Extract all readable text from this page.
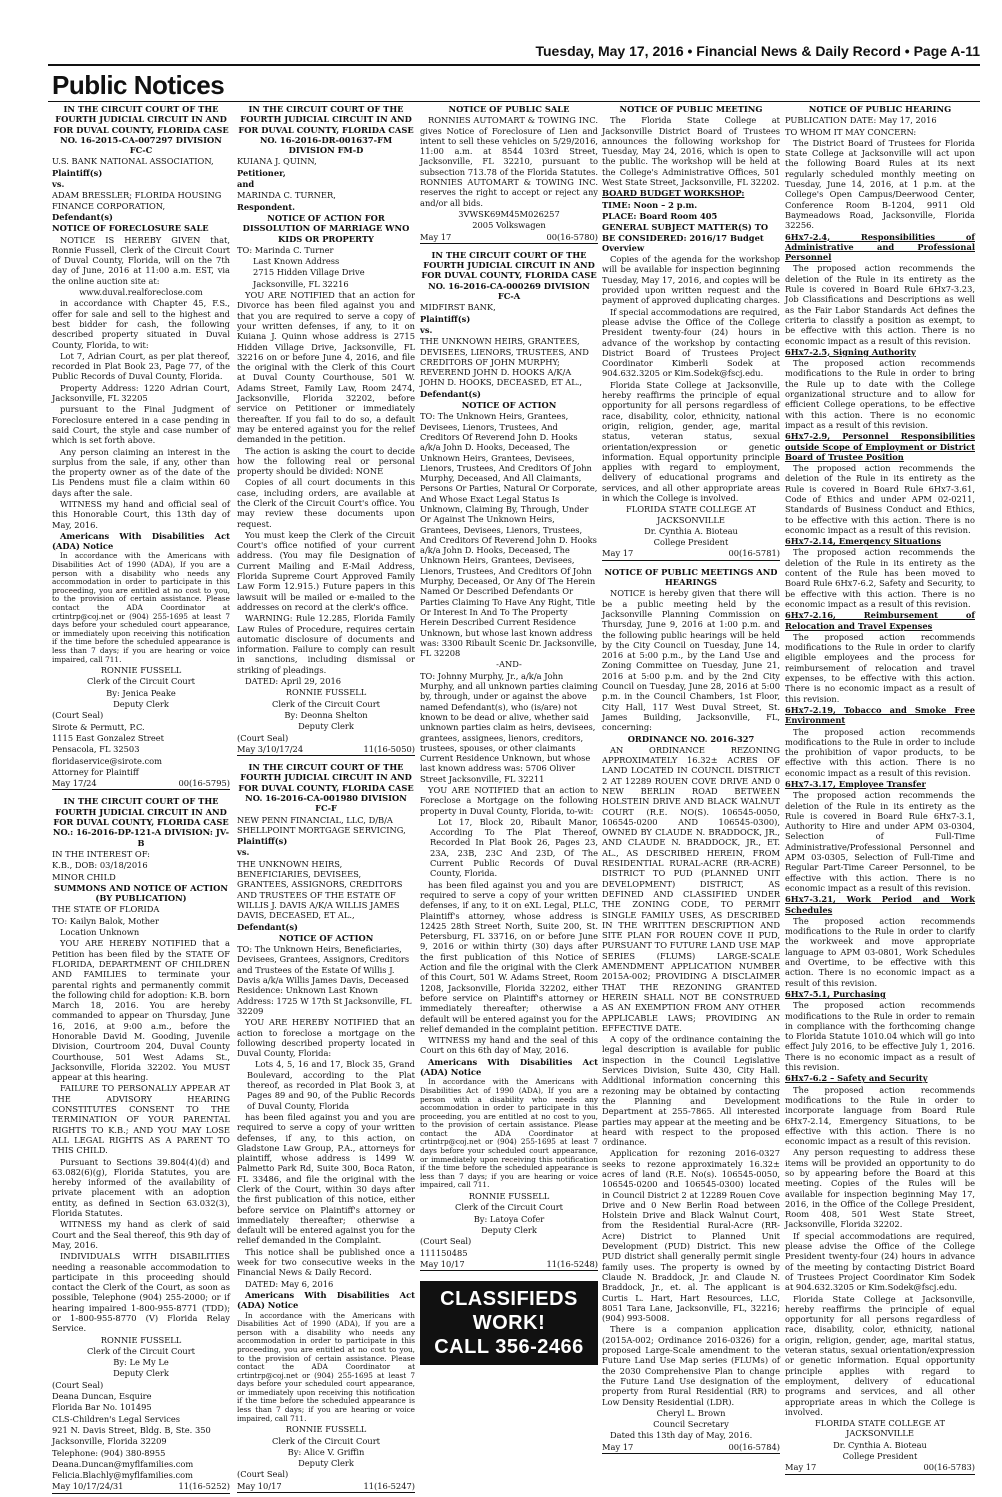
Tuesday, May 17, 2016 • Financial News & Daily Record • Page A-11
Public Notices

IN THE CIRCUIT COURT OF THE FOURTH JUDICIAL CIRCUIT IN AND FOR DUVAL COUNTY, FLORIDA CASE NO. 16-2015-CA-007297 DIVISION FC-C

U.S. BANK NATIONAL ASSOCIATION,

Plaintiff(s)

vs.

ADAM BRESSLER; FLORIDA HOUSING FINANCE CORPORATION,

Defendant(s)

NOTICE OF FORECLOSURE SALE

NOTICE IS HEREBY GIVEN that, Ronnie Fussell, Clerk of the Circuit Court of Duval County, Florida, will on the 7th day of June, 2016 at 11:00 a.m. EST, via the online auction site at:

www.duval.realforeclose.com

in accordance with Chapter 45, F.S., offer for sale and sell to the highest and best bidder for cash, the following described property situated in Duval County, Florida, to wit:

Lot 7, Adrian Court, as per plat thereof, recorded in Plat Book 23, Page 77, of the Public Records of Duval County, Florida.

Property Address: 1220 Adrian Court, Jacksonville, FL 32205

pursuant to the Final Judgment of Foreclosure entered in a case pending in said Court, the style and case number of which is set forth above.

Any person claiming an interest in the surplus from the sale, if any, other than the property owner as of the date of the Lis Pendens must file a claim within 60 days after the sale.

WITNESS my hand and official seal of this Honorable Court, this 13th day of May, 2016.

Americans With Disabilities Act (ADA) Notice

In accordance with the Americans with Disabilities Act of 1990 (ADA), If you are a person with a disability who needs any accommodation in order to participate in this proceeding, you are entitled at no cost to you, to the provision of certain assistance. Please contact the ADA Coordinator at crtintrp@coj.net or (904) 255-1695 at least 7 days before your scheduled court appearance, or immediately upon receiving this notification if the time before the scheduled appearance is less than 7 days; if you are hearing or voice impaired, call 711.

RONNIE FUSSELL

Clerk of the Circuit Court

By: Jenica Peake

Deputy Clerk

(Court Seal)

Sirote & Permutt, P.C.

1115 East Gonzalez Street

Pensacola, FL 32503

floridaservice@sirote.com

Attorney for Plaintiff

May 17/24	00(16-5795)

IN THE CIRCUIT COURT OF THE FOURTH JUDICIAL CIRCUIT IN AND FOR DUVAL COUNTY, FLORIDA CASE NO.: 16-2016-DP-121-A DIVISION: JV-B

IN THE INTEREST OF:

K.B., DOB: 03/18/2016

MINOR CHILD

SUMMONS AND NOTICE OF ACTION (BY PUBLICATION)

THE STATE OF FLORIDA

TO: Kailyn Balok, Mother

Location Unknown

YOU ARE HEREBY NOTIFIED that a Petition has been filed by the STATE OF FLORIDA, DEPARTMENT OF CHILDREN AND FAMILIES to terminate your parental rights and permanently commit the following child for adoption: K.B. born March 18, 2016. You are hereby commanded to appear on Thursday, June 16, 2016, at 9:00 a.m., before the Honorable David M. Gooding, Juvenile Division, Courtroom 204, Duval County Courthouse, 501 West Adams St., Jacksonville, Florida 32202. You MUST appear at this hearing.

FAILURE TO PERSONALLY APPEAR AT THE ADVISORY HEARING CONSTITUTES CONSENT TO THE TERMINATION OF YOUR PARENTAL RIGHTS TO K.B.; AND YOU MAY LOSE ALL LEGAL RIGHTS AS A PARENT TO THIS CHILD.

Pursuant to Sections 39.804(4)(d) and 63.082(6)(g), Florida Statutes, you are hereby informed of the availability of private placement with an adoption entity, as defined in Section 63.032(3), Florida Statutes.

WITNESS my hand as clerk of said Court and the Seal thereof, this 9th day of May, 2016.

INDIVIDUALS WITH DISABILITIES needing a reasonable accommodation to participate in this proceeding should contact the Clerk of the Court, as soon as possible, Telephone (904) 255-2000; or if hearing impaired 1-800-955-8771 (TDD); or 1-800-955-8770 (V) Florida Relay Service.

RONNIE FUSSELL

Clerk of the Circuit Court

By: Le My Le

Deputy Clerk

(Court Seal)

Deana Duncan, Esquire

Florida Bar No. 101495

CLS-Children's Legal Services

921 N. Davis Street, Bldg. B, Ste. 350

Jacksonville, Florida 32209

Telephone: (904) 380-8955

Deana.Duncan@myflfamilies.com

Felicia.Blachly@myflfamilies.com

May 10/17/24/31	11(16-5252)

IN THE CIRCUIT COURT OF THE FOURTH JUDICIAL CIRCUIT IN AND FOR DUVAL COUNTY, FLORIDA CASE NO. 16-2016-DR-001637-FM DIVISION FM-D

KUIANA J. QUINN,

Petitioner,

and

MARINDA C. TURNER,

Respondent.

NOTICE OF ACTION FOR DISSOLUTION OF MARRIAGE WNO KIDS OR PROPERTY

TO: Marinda C. Turner

Last Known Address

2715 Hidden Village Drive

Jacksonville, FL 32216

YOU ARE NOTIFIED that an action for Divorce has been filed against you and that you are required to serve a copy of your written defenses, if any, to it on Kuiana J. Quinn whose address is 2715 Hidden Village Drive, Jacksonville, FL 32216 on or before June 4, 2016, and file the original with the Clerk of this Court at Duval County Courthouse, 501 W. Adams Street, Family Law, Room 2474, Jacksonville, Florida 32202, before service on Petitioner or immediately thereafter. If you fail to do so, a default may be entered against you for the relief demanded in the petition.

The action is asking the court to decide how the following real or personal property should be divided: NONE

Copies of all court documents in this case, including orders, are available at the Clerk of the Circuit Court's office. You may review these documents upon request.

You must keep the Clerk of the Circuit Court's office notified of your current address. (You may file Designation of Current Mailing and E-Mail Address, Florida Supreme Court Approved Family Law Form 12.915.) Future papers in this lawsuit will be mailed or e-mailed to the addresses on record at the clerk's office.

WARNING: Rule 12.285, Florida Family Law Rules of Procedure, requires certain automatic disclosure of documents and information. Failure to comply can result in sanctions, including dismissal or striking of pleadings.

DATED: April 29, 2016

RONNIE FUSSELL

Clerk of the Circuit Court

By: Deonna Shelton

Deputy Clerk

(Court Seal)

May 3/10/17/24	11(16-5050)

IN THE CIRCUIT COURT OF THE FOURTH JUDICIAL CIRCUIT IN AND FOR DUVAL COUNTY, FLORIDA CASE NO. 16-2016-CA-001980 DIVISION FC-F

NEW PENN FINANCIAL, LLC, D/B/A SHELLPOINT MORTGAGE SERVICING,

Plaintiff(s)

vs.

THE UNKNOWN HEIRS, BENEFICIARIES, DEVISEES, GRANTEES, ASSIGNORS, CREDITORS AND TRUSTEES OF THE ESTATE OF WILLIS J. DAVIS A/K/A WILLIS JAMES DAVIS, DECEASED, ET AL.,

Defendant(s)

NOTICE OF ACTION

TO: The Unknown Heirs, Beneficiaries, Devisees, Grantees, Assignors, Creditors and Trustees of the Estate Of Willis J. Davis a/k/a Willis James Davis, Deceased Residence: Unknown Last Known Address: 1725 W 17th St Jacksonville, FL 32209

YOU ARE HEREBY NOTIFIED that an action to foreclose a mortgage on the following described property located in Duval County, Florida:

Lots 4, 5, 16 and 17, Block 35, Grand Boulevard, according to the Plat thereof, as recorded in Plat Book 3, at Pages 89 and 90, of the Public Records of Duval County, Florida

has been filed against you and you are required to serve a copy of your written defenses, if any, to this action, on Gladstone Law Group, P.A., attorneys for plaintiff, whose address is 1499 W. Palmetto Park Rd, Suite 300, Boca Raton, FL 33486, and file the original with the Clerk of the Court, within 30 days after the first publication of this notice, either before service on Plaintiff's attorney or immediately thereafter; otherwise a default will be entered against you for the relief demanded in the Complaint.

This notice shall be published once a week for two consecutive weeks in the Financial News & Daily Record.

DATED: May 6, 2016

Americans With Disabilities Act (ADA) Notice

In accordance with the Americans with Disabilities Act of 1990 (ADA), If you are a person with a disability who needs any accommodation in order to participate in this proceeding, you are entitled at no cost to you, to the provision of certain assistance. Please contact the ADA Coordinator at crtintrp@coj.net or (904) 255-1695 at least 7 days before your scheduled court appearance, or immediately upon receiving this notification if the time before the scheduled appearance is less than 7 days; if you are hearing or voice impaired, call 711.

RONNIE FUSSELL

Clerk of the Circuit Court

By: Alice V. Griffin

Deputy Clerk

(Court Seal)

May 10/17	11(16-5247)

NOTICE OF PUBLIC SALE

RONNIES AUTOMART & TOWING INC. gives Notice of Foreclosure of Lien and intent to sell these vehicles on 5/29/2016, 11:00 a.m. at 8544 103rd Street, Jacksonville, FL 32210, pursuant to subsection 713.78 of the Florida Statutes. RONNIES AUTOMART & TOWING INC. reserves the right to accept or reject any and/or all bids.

3VWSK69M45M026257

2005 Volkswagen

May 17	00(16-5780)

IN THE CIRCUIT COURT OF THE FOURTH JUDICIAL CIRCUIT IN AND FOR DUVAL COUNTY, FLORIDA CASE NO. 16-2016-CA-000269 DIVISION FC-A

MIDFIRST BANK,

Plaintiff(s)

vs.

THE UNKNOWN HEIRS, GRANTEES, DEVISEES, LIENORS, TRUSTEES, AND CREDITORS OF JOHN MURPHY; REVEREND JOHN D. HOOKS A/K/A JOHN D. HOOKS, DECEASED, ET AL.,

Defendant(s)

NOTICE OF ACTION

TO: The Unknown Heirs, Grantees, Devisees, Lienors, Trustees, And Creditors Of Reverend John D. Hooks a/k/a John D. Hooks, Deceased, The Unknown Heirs, Grantees, Devisees, Lienors, Trustees, And Creditors Of John Murphy, Deceased, And All Claimants, Persons Or Parties, Natural Or Corporate, And Whose Exact Legal Status Is Unknown, Claiming By, Through, Under Or Against The Unknown Heirs, Grantees, Devisees, Lienors, Trustees, And Creditors Of Reverend John D. Hooks a/k/a John D. Hooks, Deceased, The Unknown Heirs, Grantees, Devisees, Lienors, Trustees, And Creditors Of John Murphy, Deceased, Or Any Of The Herein Named Or Described Defendants Or Parties Claiming To Have Any Right, Title Or Interest In And To The Property Herein Described Current Residence Unknown, but whose last known address was: 3300 Ribault Scenic Dr. Jacksonville, FL 32208

-AND-

TO: Johnny Murphy, Jr., a/k/a John Murphy, and all unknown parties claiming by, through, under or against the above named Defendant(s), who (is/are) not known to be dead or alive, whether said unknown parties claim as heirs, devisees, grantees, assignees, lienors, creditors, trustees, spouses, or other claimants Current Residence Unknown, but whose last known address was: 5706 Oliver Street Jacksonville, FL 32211

YOU ARE NOTIFIED that an action to Foreclose a Mortgage on the following property in Duval County, Florida, to-wit:

Lot 17, Block 20, Ribault Manor, According To The Plat Thereof, Recorded In Plat Book 26, Pages 23, 23A, 23B, 23C And 23D, Of The Current Public Records Of Duval County, Florida.

has been filed against you and you are required to serve a copy of your written defenses, if any, to it on eXL Legal, PLLC, Plaintiff's attorney, whose address is 12425 28th Street North, Suite 200, St. Petersburg, FL 33716, on or before June 9, 2016 or within thirty (30) days after the first publication of this Notice of Action and file the original with the Clerk of this Court, 501 W. Adams Street, Room 1208, Jacksonville, Florida 32202, either before service on Plaintiff's attorney or immediately thereafter; otherwise a default will be entered against you for the relief demanded in the complaint petition.

WITNESS my hand and the seal of this Court on this 6th day of May, 2016.

Americans With Disabilities Act (ADA) Notice

In accordance with the Americans with Disabilities Act of 1990 (ADA), If you are a person with a disability who needs any accommodation in order to participate in this proceeding, you are entitled at no cost to you, to the provision of certain assistance. Please contact the ADA Coordinator at crtintrp@coj.net or (904) 255-1695 at least 7 days before your scheduled court appearance, or immediately upon receiving this notification if the time before the scheduled appearance is less than 7 days; if you are hearing or voice impaired, call 711.

RONNIE FUSSELL

Clerk of the Circuit Court

By: Latoya Cofer

Deputy Clerk

(Court Seal)

111150485

May 10/17	11(16-5248)

CLASSIFIEDS WORK!
CALL 356-2466

NOTICE OF PUBLIC MEETING

The Florida State College at Jacksonville District Board of Trustees announces the following workshop for Tuesday, May 24, 2016, which is open to the public. The workshop will be held at the College's Administrative Offices, 501 West State Street, Jacksonville, FL 32202.

BOARD BUDGET WORKSHOP:

TIME: Noon – 2 p.m.

PLACE: Board Room 405

GENERAL SUBJECT MATTER(S) TO BE CONSIDERED: 2016/17 Budget Overview

Copies of the agenda for the workshop will be available for inspection beginning Tuesday, May 17, 2016, and copies will be provided upon written request and the payment of approved duplicating charges.

If special accommodations are required, please advise the Office of the College President twenty-four (24) hours in advance of the workshop by contacting District Board of Trustees Project Coordinator Kimberli Sodek at 904.632.3205 or Kim.Sodek@fscj.edu.

Florida State College at Jacksonville, hereby reaffirms the principle of equal opportunity for all persons regardless of race, disability, color, ethnicity, national origin, religion, gender, age, marital status, veteran status, sexual orientation/expression or genetic information. Equal opportunity principle applies with regard to employment, delivery of educational programs and services, and all other appropriate areas in which the College is involved.

FLORIDA STATE COLLEGE AT JACKSONVILLE

Dr. Cynthia A. Bioteau

College President

May 17	00(16-5781)

NOTICE OF PUBLIC MEETINGS AND HEARINGS

NOTICE is hereby given that there will be a public meeting held by the Jacksonville Planning Commission on Thursday, June 9, 2016 at 1:00 p.m. and the following public hearings will be held by the City Council on Tuesday, June 14, 2016 at 5:00 p.m., by the Land Use and Zoning Committee on Tuesday, June 21, 2016 at 5:00 p.m. and by the 2nd City Council on Tuesday, June 28, 2016 at 5:00 p.m. in the Council Chambers, 1st Floor, City Hall, 117 West Duval Street, St. James Building, Jacksonville, FL, concerning:

ORDINANCE NO. 2016-327

AN ORDINANCE REZONING APPROXIMATELY 16.32± ACRES OF LAND LOCATED IN COUNCIL DISTRICT 2 AT 12289 ROUEN COVE DRIVE AND 0 NEW BERLIN ROAD BETWEEN HOLSTEIN DRIVE AND BLACK WALNUT COURT (R.E. NO(S). 106545-0050, 106545-0200 AND 106545-0300), OWNED BY CLAUDE N. BRADDOCK, JR., AND CLAUDE N. BRADDOCK, JR., ET. AL., AS DESCRIBED HEREIN, FROM RESIDENTIAL RURAL-ACRE (RR-ACRE) DISTRICT TO PUD (PLANNED UNIT DEVELOPMENT) DISTRICT, AS DEFINED AND CLASSIFIED UNDER THE ZONING CODE, TO PERMIT SINGLE FAMILY USES, AS DESCRIBED IN THE WRITTEN DESCRIPTION AND SITE PLAN FOR ROUEN COVE II PUD, PURSUANT TO FUTURE LAND USE MAP SERIES (FLUMS) LARGE-SCALE AMENDMENT APPLICATION NUMBER 2015A-002; PROVIDING A DISCLAIMER THAT THE REZONING GRANTED HEREIN SHALL NOT BE CONSTRUED AS AN EXEMPTION FROM ANY OTHER APPLICABLE LAWS; PROVIDING AN EFFECTIVE DATE.

A copy of the ordinance containing the legal description is available for public inspection in the Council Legislative Services Division, Suite 430, City Hall. Additional information concerning this rezoning may be obtained by contacting the Planning and Development Department at 255-7865. All interested parties may appear at the meeting and be heard with respect to the proposed ordinance.

Application for rezoning 2016-0327 seeks to rezone approximately 16.32± acres of land (R.E. No(s). 106545-0050, 106545-0200 and 106545-0300) located in Council District 2 at 12289 Rouen Cove Drive and 0 New Berlin Road between Holstein Drive and Black Walnut Court, from the Residential Rural-Acre (RR-Acre) District to Planned Unit Development (PUD) District. This new PUD district shall generally permit single family uses. The property is owned by Claude N. Braddock, Jr. and Claude N. Braddock, Jr., et. al. The applicant is Curtis L. Hart, Hart Resources, LLC, 8051 Tara Lane, Jacksonville, FL, 32216; (904) 993-5008.

There is a companion application (2015A-002; Ordinance 2016-0326) for a proposed Large-Scale amendment to the Future Land Use Map series (FLUMs) of the 2030 Comprehensive Plan to change the Future Land Use designation of the property from Rural Residential (RR) to Low Density Residential (LDR).

Cheryl L. Brown

Council Secretary

Dated this 13th day of May, 2016.

May 17	00(16-5784)

NOTICE OF PUBLIC HEARING

PUBLICATION DATE: May 17, 2016

TO WHOM IT MAY CONCERN:

The District Board of Trustees for Florida State College at Jacksonville will act upon the following Board Rules at its next regularly scheduled monthly meeting on Tuesday, June 14, 2016, at 1 p.m. at the College's Open Campus/Deerwood Center, Conference Room B-1204, 9911 Old Baymeadows Road, Jacksonville, Florida 32256.

6Hx7-2.4, Responsibilities of Administrative and Professional Personnel

The proposed action recommends the deletion of the Rule in its entirety as the Rule is covered in Board Rule 6Hx7-3.23, Job Classifications and Descriptions as well as the Fair Labor Standards Act defines the criteria to classify a position as exempt, to be effective with this action. There is no economic impact as a result of this revision.

6Hx7-2.5, Signing Authority

The proposed action recommends modifications to the Rule in order to bring the Rule up to date with the College organizational structure and to allow for efficient College operations, to be effective with this action. There is no economic impact as a result of this revision.

6Hx7-2.9, Personnel Responsibilities outside Scope of Employment or District Board of Trustee Position

The proposed action recommends the deletion of the Rule in its entirety as the Rule is covered in Board Rule 6Hx7-3.61, Code of Ethics and under APM 02-0211, Standards of Business Conduct and Ethics, to be effective with this action. There is no economic impact as a result of this revision.

6Hx7-2.14, Emergency Situations

The proposed action recommends the deletion of the Rule in its entirety as the content of the Rule has been moved to Board Rule 6Hx7-6.2, Safety and Security, to be effective with this action. There is no economic impact as a result of this revision.

6Hx7-2.16, Reimbursement of Relocation and Travel Expenses

The proposed action recommends modifications to the Rule in order to clarify eligible employees and the process for reimbursement of relocation and travel expenses, to be effective with this action. There is no economic impact as a result of this revision.

6Hx7-2.19, Tobacco and Smoke Free Environment

The proposed action recommends modifications to the Rule in order to include the prohibition of vapor products, to be effective with this action. There is no economic impact as a result of this revision.

6Hx7-3.17, Employee Transfer

The proposed action recommends the deletion of the Rule in its entirety as the Rule is covered in Board Rule 6Hx7-3.1, Authority to Hire and under APM 03-0304, Selection of Full-Time Administrative/Professional Personnel and APM 03-0305, Selection of Full-Time and Regular Part-Time Career Personnel, to be effective with this action. There is no economic impact as a result of this revision.

6Hx7-3.21, Work Period and Work Schedules

The proposed action recommends modifications to the Rule in order to clarify the workweek and move appropriate language to APM 03-0801, Work Schedules and Overtime, to be effective with this action. There is no economic impact as a result of this revision.

6Hx7-5.1, Purchasing

The proposed action recommends modifications to the Rule in order to remain in compliance with the forthcoming change to Florida Statute 1010.04 which will go into effect July 2016, to be effective July 1, 2016. There is no economic impact as a result of this revision.

6Hx7-6.2 – Safety and Security

The proposed action recommends modifications to the Rule in order to incorporate language from Board Rule 6Hx7-2.14, Emergency Situations, to be effective with this action. There is no economic impact as a result of this revision.

Any person requesting to address these items will be provided an opportunity to do so by appearing before the Board at this meeting. Copies of the Rules will be available for inspection beginning May 17, 2016, in the Office of the College President, Room 408, 501 West State Street, Jacksonville, Florida 32202.

If special accommodations are required, please advise the Office of the College President twenty-four (24) hours in advance of the meeting by contacting District Board of Trustees Project Coordinator Kim Sodek at 904.632.3205 or Kim.Sodek@fscj.edu.

Florida State College at Jacksonville, hereby reaffirms the principle of equal opportunity for all persons regardless of race, disability, color, ethnicity, national origin, religion, gender, age, marital status, veteran status, sexual orientation/expression or genetic information. Equal opportunity principle applies with regard to employment, delivery of educational programs and services, and all other appropriate areas in which the College is involved.

FLORIDA STATE COLLEGE AT JACKSONVILLE

Dr. Cynthia A. Bioteau

College President

May 17	00(16-5783)
